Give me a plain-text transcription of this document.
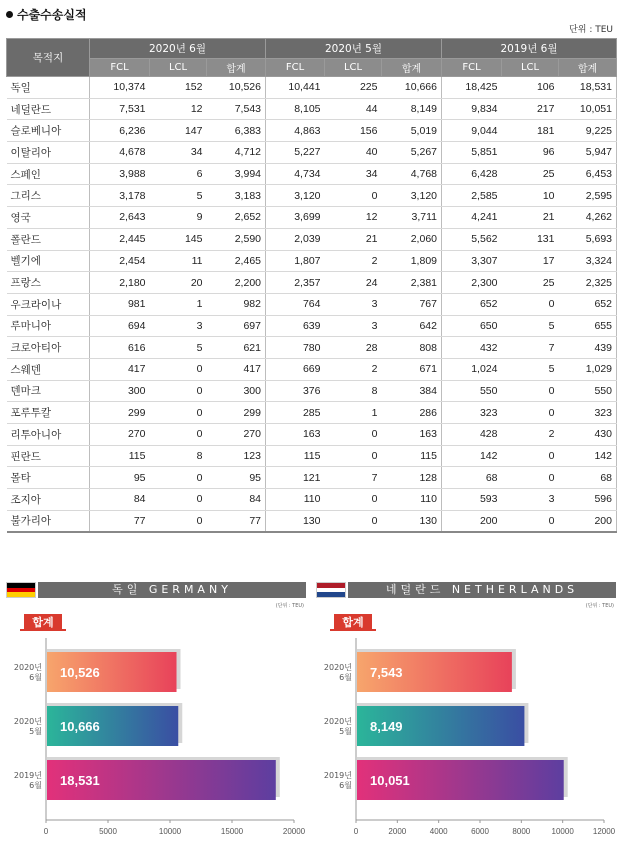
수출수송실적
단위 : TEU
목적지	2020년 6월			2020년 5월			2019년 6월		
	FCL	LCL	합계	FCL	LCL	합계	FCL	LCL	합계
독일	10,374	152	10,526	10,441	225	10,666	18,425	106	18,531
네덜란드	7,531	12	7,543	8,105	44	8,149	9,834	217	10,051
슬로베니아	6,236	147	6,383	4,863	156	5,019	9,044	181	9,225
이탈리아	4,678	34	4,712	5,227	40	5,267	5,851	96	5,947
스페인	3,988	6	3,994	4,734	34	4,768	6,428	25	6,453
그리스	3,178	5	3,183	3,120	0	3,120	2,585	10	2,595
영국	2,643	9	2,652	3,699	12	3,711	4,241	21	4,262
폴란드	2,445	145	2,590	2,039	21	2,060	5,562	131	5,693
벨기에	2,454	11	2,465	1,807	2	1,809	3,307	17	3,324
프랑스	2,180	20	2,200	2,357	24	2,381	2,300	25	2,325
우크라이나	981	1	982	764	3	767	652	0	652
루마니아	694	3	697	639	3	642	650	5	655
크로아티아	616	5	621	780	28	808	432	7	439
스웨덴	417	0	417	669	2	671	1,024	5	1,029
덴마크	300	0	300	376	8	384	550	0	550
포루투칼	299	0	299	285	1	286	323	0	323
리투아니아	270	0	270	163	0	163	428	2	430
핀란드	115	8	123	115	0	115	142	0	142
몰타	95	0	95	121	7	128	68	0	68
조지아	84	0	84	110	0	110	593	3	596
불가리아	77	0	77	130	0	130	200	0	200
독일 GERMANY
(단위 : TEU)
합계
0	5000	10000	15000	20000
10,526
2020년
6월
10,666
2020년
5월
18,531
2019년
6월
네덜란드 NETHERLANDS
(단위 : TEU)
합계
0	2000	4000	6000	8000	10000 12000
7,543
2020년
6월
8,149
2020년
5월
10,051
2019년
6월
